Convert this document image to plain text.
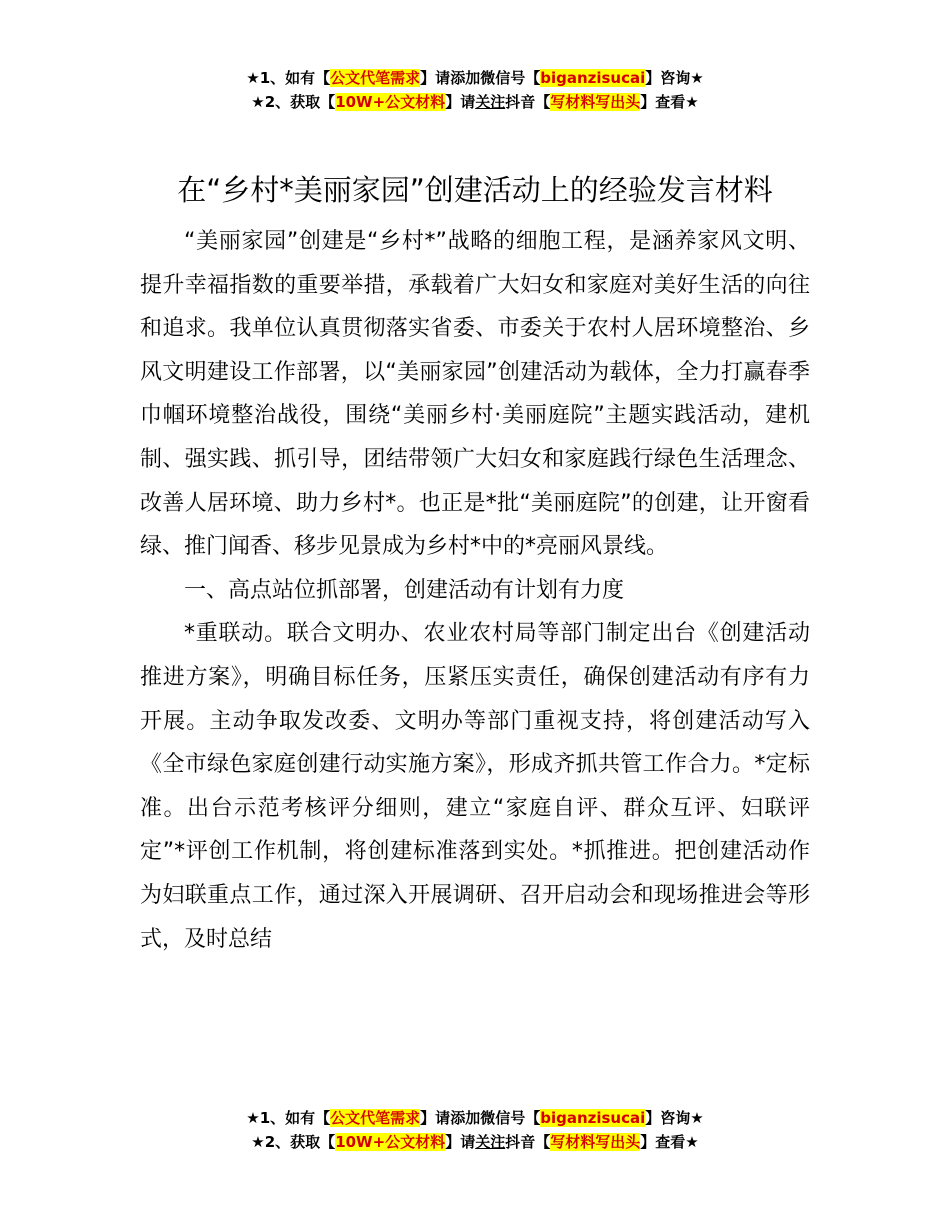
★1、如有【公文代笔需求】请添加微信号【biganzisucai】咨询★
★2、获取【10W+公文材料】请关注抖音【写材料写出头】查看★
在“乡村*美丽家园”创建活动上的经验发言材料

“美丽家园”创建是“乡村*”战略的细胞工程，是涵养家风文明、提升幸福指数的重要举措，承载着广大妇女和家庭对美好生活的向往和追求。我单位认真贯彻落实省委、市委关于农村人居环境整治、乡风文明建设工作部署，以“美丽家园”创建活动为载体，全力打赢春季巾帼环境整治战役，围绕“美丽乡村·美丽庭院”主题实践活动，建机制、强实践、抓引导，团结带领广大妇女和家庭践行绿色生活理念、改善人居环境、助力乡村*。也正是*批“美丽庭院”的创建，让开窗看绿、推门闻香、移步见景成为乡村*中的*亮丽风景线。

一、高点站位抓部署，创建活动有计划有力度

*重联动。联合文明办、农业农村局等部门制定出台《创建活动推进方案》，明确目标任务，压紧压实责任，确保创建活动有序有力开展。主动争取发改委、文明办等部门重视支持，将创建活动写入《全市绿色家庭创建行动实施方案》，形成齐抓共管工作合力。*定标准。出台示范考核评分细则，建立“家庭自评、群众互评、妇联评定”*评创工作机制，将创建标准落到实处。*抓推进。把创建活动作为妇联重点工作，通过深入开展调研、召开启动会和现场推进会等形式，及时总结

★1、如有【公文代笔需求】请添加微信号【biganzisucai】咨询★
★2、获取【10W+公文材料】请关注抖音【写材料写出头】查看★
